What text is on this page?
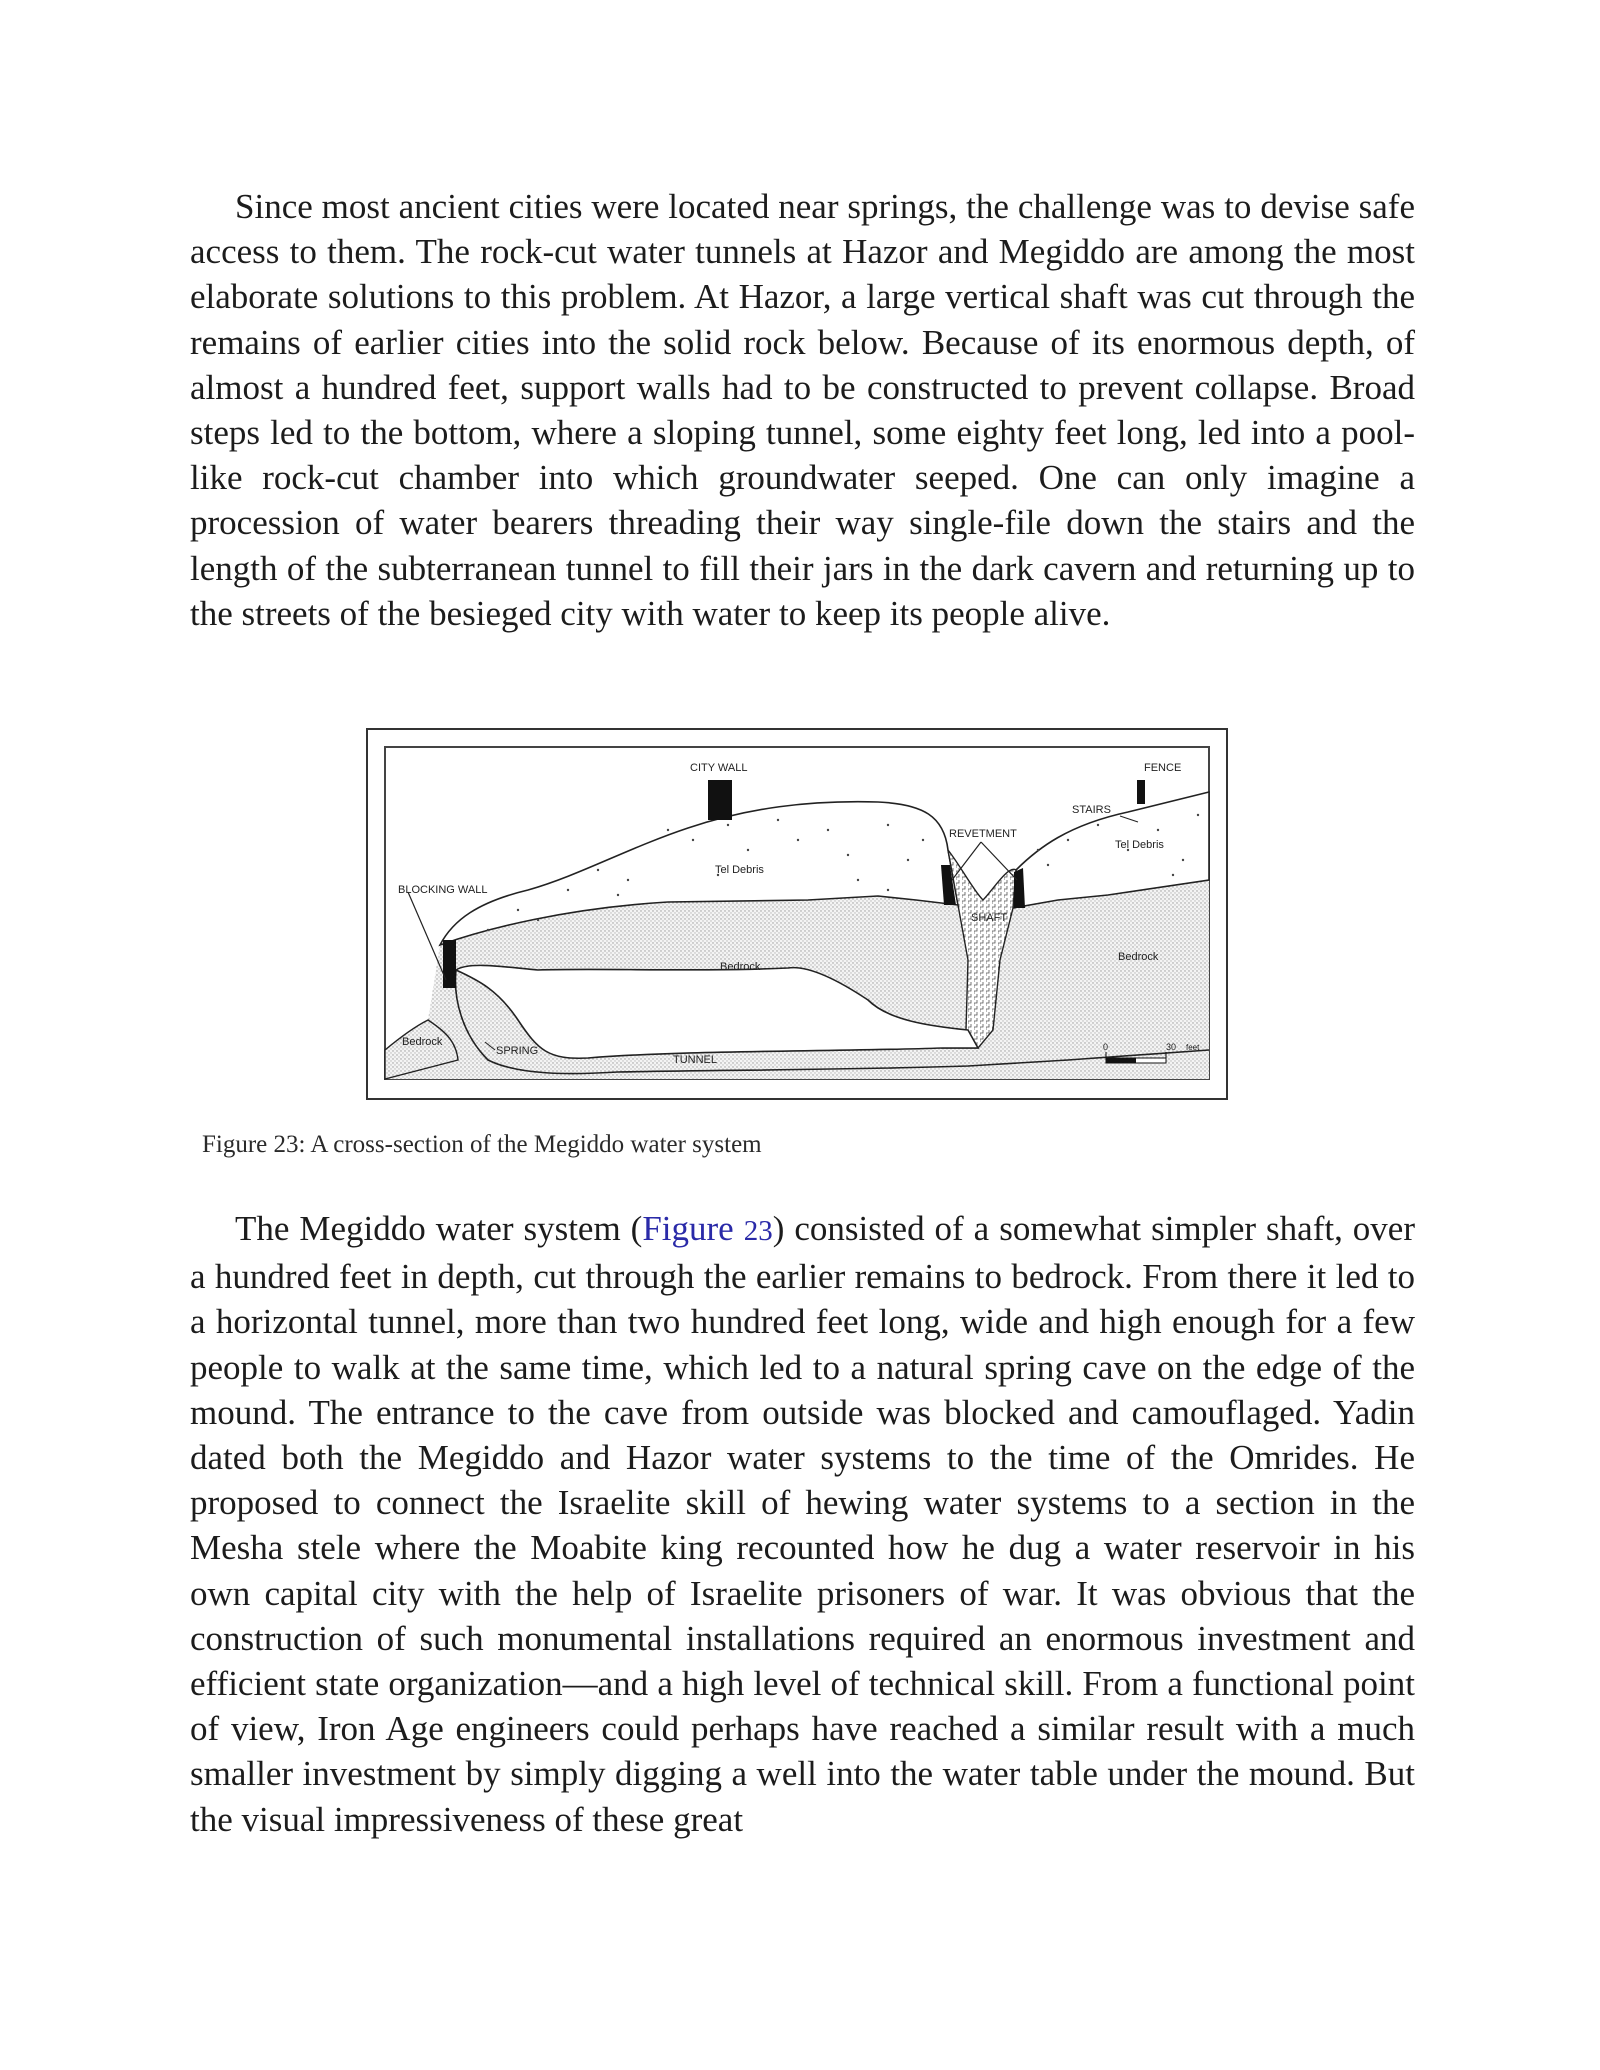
Since most ancient cities were located near springs, the challenge was to devise safe access to them. The rock-cut water tunnels at Hazor and Megiddo are among the most elaborate solutions to this problem. At Hazor, a large vertical shaft was cut through the remains of earlier cities into the solid rock below. Because of its enormous depth, of almost a hundred feet, support walls had to be constructed to prevent collapse. Broad steps led to the bottom, where a sloping tunnel, some eighty feet long, led into a pool-like rock-cut chamber into which groundwater seeped. One can only imagine a procession of water bearers threading their way single-file down the stairs and the length of the subterranean tunnel to fill their jars in the dark cavern and returning up to the streets of the besieged city with water to keep its people alive.

CITY WALL	FENCE
STAIRS
REVETMENT
Tel Debris
Tel Debris
BLOCKING WALL
SHAFT
Bedrock
Bedrock
Bedrock
SPRING
TUNNEL
0	30 feet

Figure 23: A cross-section of the Megiddo water system

The Megiddo water system (Figure 23) consisted of a somewhat simpler shaft, over a hundred feet in depth, cut through the earlier remains to bedrock. From there it led to a horizontal tunnel, more than two hundred feet long, wide and high enough for a few people to walk at the same time, which led to a natural spring cave on the edge of the mound. The entrance to the cave from outside was blocked and camouflaged. Yadin dated both the Megiddo and Hazor water systems to the time of the Omrides. He proposed to connect the Israelite skill of hewing water systems to a section in the Mesha stele where the Moabite king recounted how he dug a water reservoir in his own capital city with the help of Israelite prisoners of war. It was obvious that the construction of such monumental installations required an enormous investment and efficient state organization—and a high level of technical skill. From a functional point of view, Iron Age engineers could perhaps have reached a similar result with a much smaller investment by simply digging a well into the water table under the mound. But the visual impressiveness of these great
